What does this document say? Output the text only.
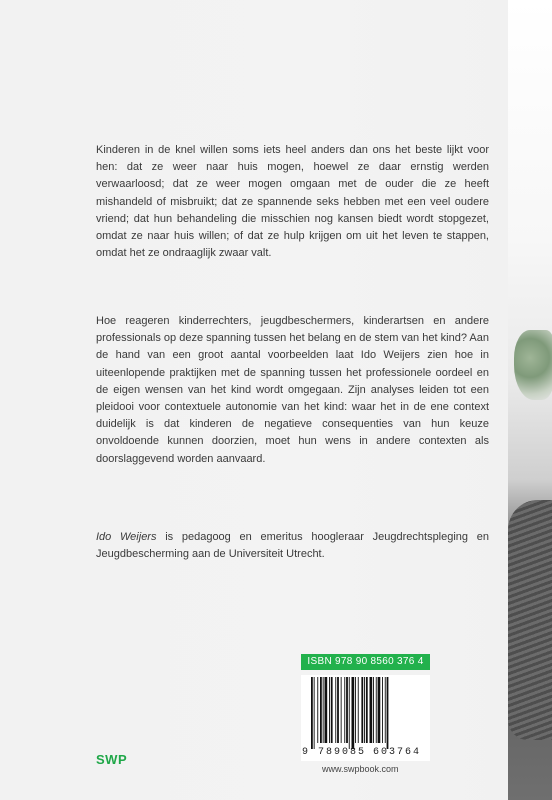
Kinderen in de knel willen soms iets heel anders dan ons het beste lijkt voor hen: dat ze weer naar huis mogen, hoewel ze daar ernstig werden verwaarloosd; dat ze weer mogen omgaan met de ouder die ze heeft mishandeld of misbruikt; dat ze spannende seks hebben met een veel oudere vriend; dat hun behandeling die misschien nog kansen biedt wordt stopgezet, omdat ze naar huis willen; of dat ze hulp krijgen om uit het leven te stappen, omdat het ze ondraaglijk zwaar valt.

Hoe reageren kinderrechters, jeugdbeschermers, kinderartsen en andere professionals op deze spanning tussen het belang en de stem van het kind? Aan de hand van een groot aantal voorbeelden laat Ido Weijers zien hoe in uiteenlopende praktijken met de spanning tussen het professionele oordeel en de eigen wensen van het kind wordt omgegaan. Zijn analyses leiden tot een pleidooi voor contextuele autonomie van het kind: waar het in de ene context duidelijk is dat kinderen de negatieve consequenties van hun keuze onvoldoende kunnen doorzien, moet hun wens in andere contexten als doorslaggevend worden aanvaard.

Ido Weijers is pedagoog en emeritus hoogleraar Jeugdrechtspleging en Jeugdbescherming aan de Universiteit Utrecht.

ISBN 978 90 8560 376 4
9 789085 603764
SWP
www.swpbook.com
